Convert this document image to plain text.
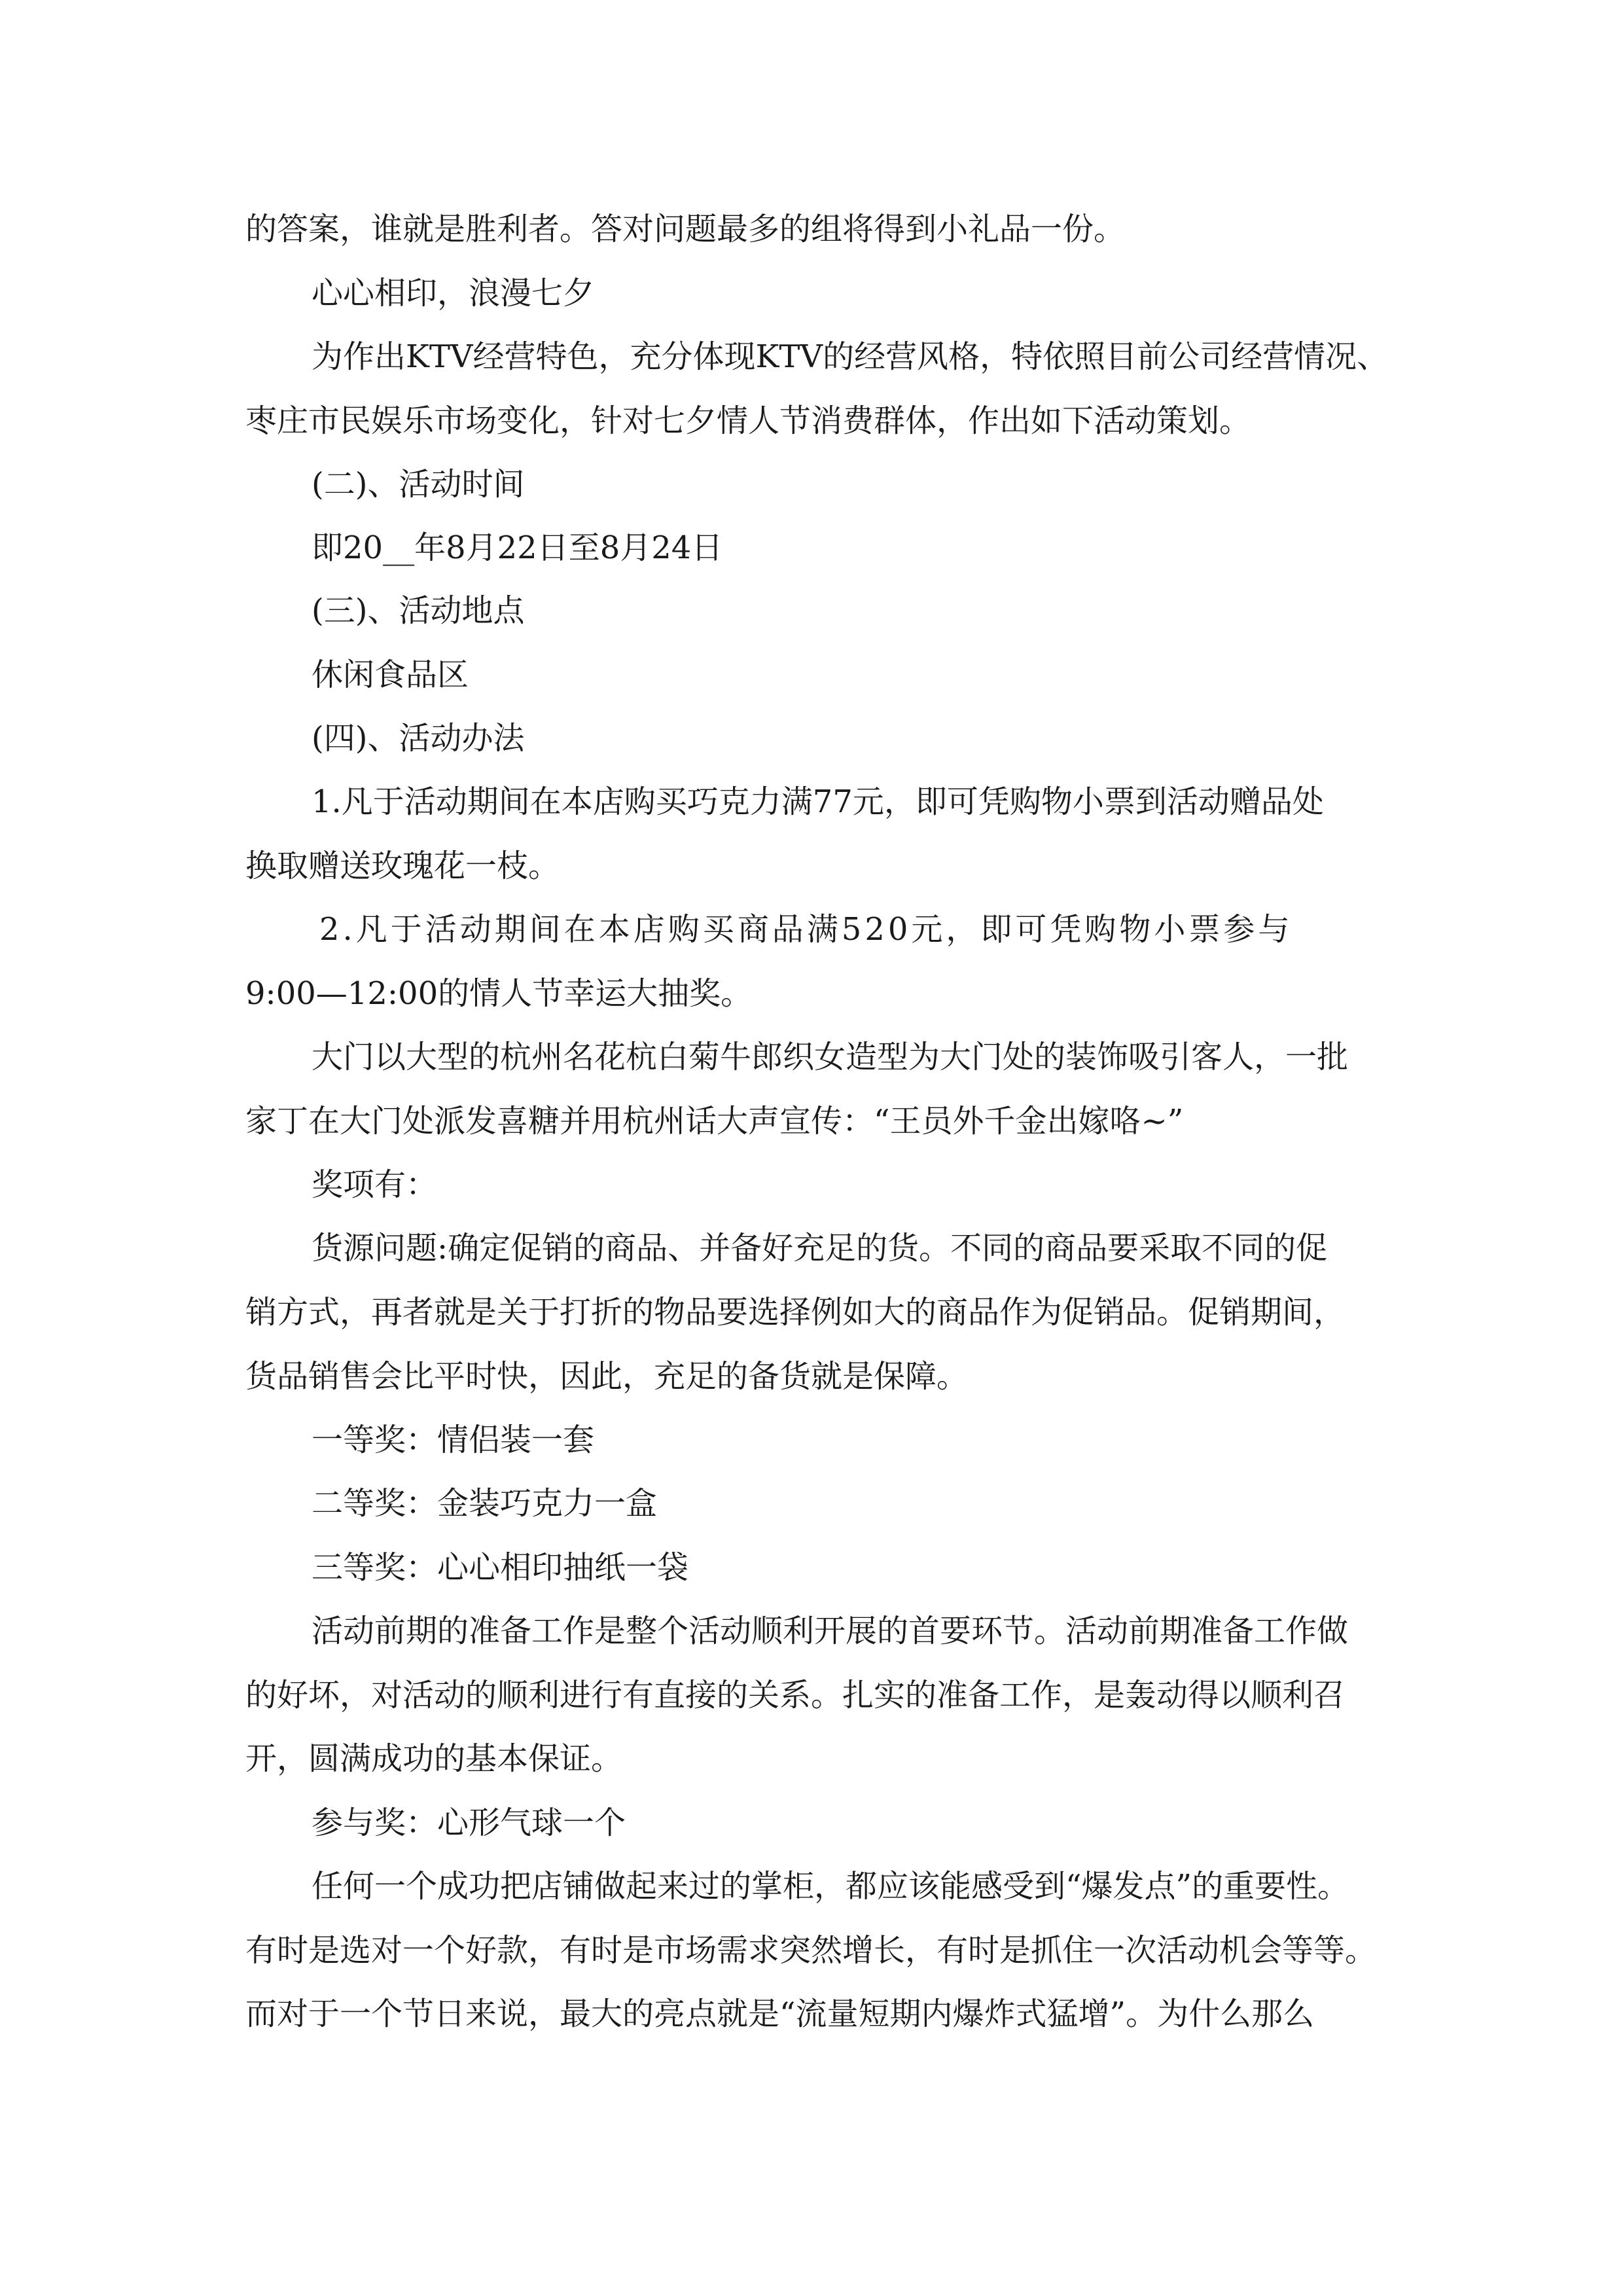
的答案，谁就是胜利者。答对问题最多的组将得到小礼品一份。
心心相印，浪漫七夕
为作出KTV经营特色，充分体现KTV的经营风格，特依照目前公司经营情况、
枣庄市民娱乐市场变化，针对七夕情人节消费群体，作出如下活动策划。
(二)、活动时间
即20__年8月22日至8月24日
(三)、活动地点
休闲食品区
(四)、活动办法
1.凡于活动期间在本店购买巧克力满77元，即可凭购物小票到活动赠品处
换取赠送玫瑰花一枝。
2.凡于活动期间在本店购买商品满520元，即可凭购物小票参与
9:00—12:00的情人节幸运大抽奖。
大门以大型的杭州名花杭白菊牛郎织女造型为大门处的装饰吸引客人，一批
家丁在大门处派发喜糖并用杭州话大声宣传：“王员外千金出嫁咯~”
奖项有：
货源问题:确定促销的商品、并备好充足的货。不同的商品要采取不同的促
销方式，再者就是关于打折的物品要选择例如大的商品作为促销品。促销期间，
货品销售会比平时快，因此，充足的备货就是保障。
一等奖：情侣装一套
二等奖：金装巧克力一盒
三等奖：心心相印抽纸一袋
活动前期的准备工作是整个活动顺利开展的首要环节。活动前期准备工作做
的好坏，对活动的顺利进行有直接的关系。扎实的准备工作，是轰动得以顺利召
开，圆满成功的基本保证。
参与奖：心形气球一个
任何一个成功把店铺做起来过的掌柜，都应该能感受到“爆发点”的重要性。
有时是选对一个好款，有时是市场需求突然增长，有时是抓住一次活动机会等等。
而对于一个节日来说，最大的亮点就是“流量短期内爆炸式猛增”。为什么那么
